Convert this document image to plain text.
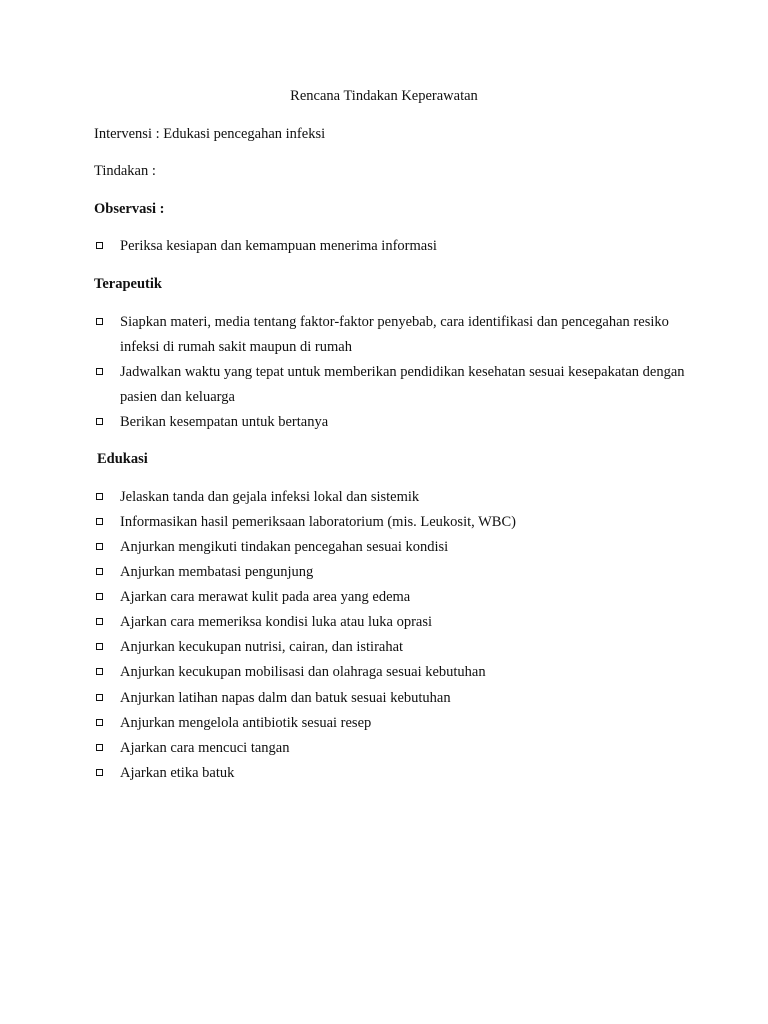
Rencana Tindakan Keperawatan
Intervensi : Edukasi pencegahan infeksi
Tindakan :
Observasi :
Periksa kesiapan dan kemampuan menerima informasi
Terapeutik
Siapkan materi, media tentang faktor-faktor penyebab, cara identifikasi dan pencegahan resiko infeksi di rumah sakit maupun di rumah
Jadwalkan waktu yang tepat untuk memberikan pendidikan kesehatan sesuai kesepakatan dengan pasien dan keluarga
Berikan kesempatan untuk bertanya
Edukasi
Jelaskan tanda dan gejala infeksi lokal dan sistemik
Informasikan hasil pemeriksaan laboratorium (mis. Leukosit, WBC)
Anjurkan mengikuti tindakan pencegahan sesuai kondisi
Anjurkan membatasi pengunjung
Ajarkan cara merawat kulit pada area yang edema
Ajarkan cara memeriksa kondisi luka atau luka oprasi
Anjurkan kecukupan nutrisi, cairan, dan istirahat
Anjurkan kecukupan mobilisasi dan olahraga sesuai kebutuhan
Anjurkan latihan napas dalm dan batuk sesuai kebutuhan
Anjurkan mengelola antibiotik sesuai resep
Ajarkan cara mencuci tangan
Ajarkan etika batuk
